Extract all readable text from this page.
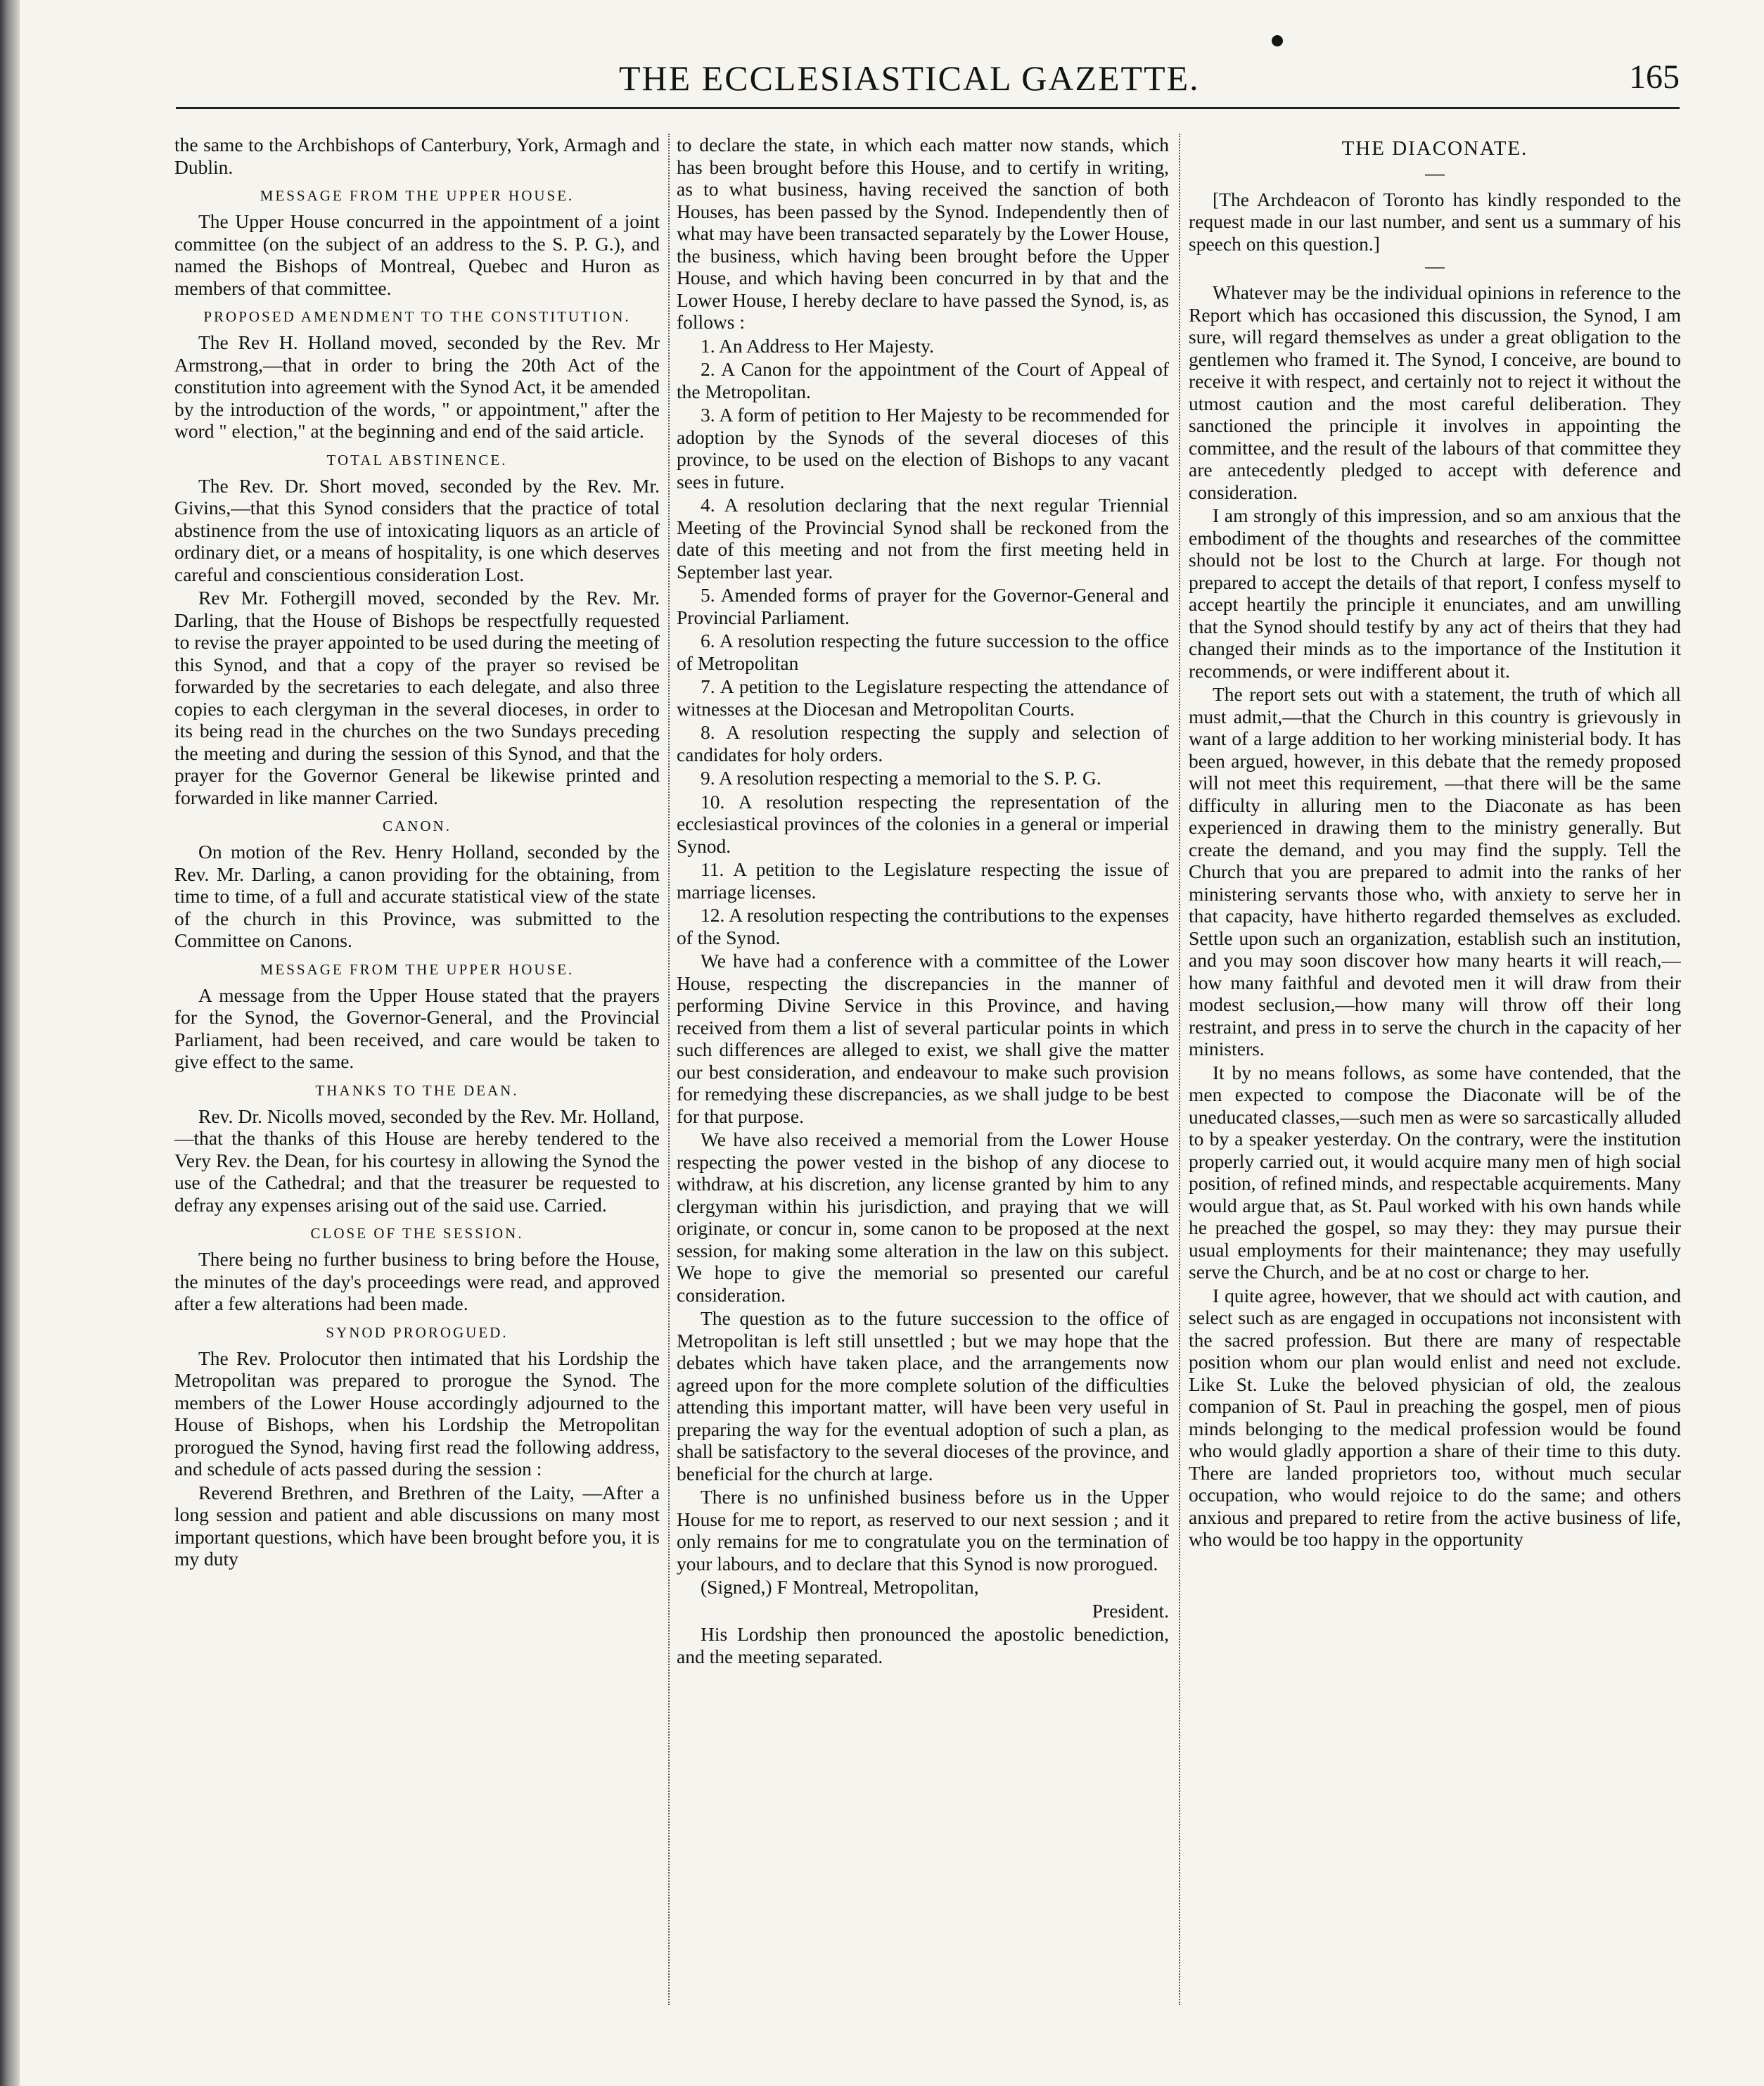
THE ECCLESIASTICAL GAZETTE.	165

the same to the Archbishops of Canterbury, York, Armagh and Dublin.

MESSAGE FROM THE UPPER HOUSE.

The Upper House concurred in the appointment of a joint committee (on the subject of an address to the S. P. G.), and named the Bishops of Montreal, Quebec and Huron as members of that committee.

PROPOSED AMENDMENT TO THE CONSTITUTION.

The Rev H. Holland moved, seconded by the Rev. Mr Armstrong,—that in order to bring the 20th Act of the constitution into agreement with the Synod Act, it be amended by the introduction of the words, " or appointment," after the word " election," at the beginning and end of the said article.

TOTAL ABSTINENCE.

The Rev. Dr. Short moved, seconded by the Rev. Mr. Givins,—that this Synod considers that the practice of total abstinence from the use of intoxicating liquors as an article of ordinary diet, or a means of hospitality, is one which deserves careful and conscientious consideration Lost.

Rev Mr. Fothergill moved, seconded by the Rev. Mr. Darling, that the House of Bishops be respectfully requested to revise the prayer appointed to be used during the meeting of this Synod, and that a copy of the prayer so revised be forwarded by the secretaries to each delegate, and also three copies to each clergyman in the several dioceses, in order to its being read in the churches on the two Sundays preceding the meeting and during the session of this Synod, and that the prayer for the Governor General be likewise printed and forwarded in like manner Carried.

CANON.

On motion of the Rev. Henry Holland, seconded by the Rev. Mr. Darling, a canon providing for the obtaining, from time to time, of a full and accurate statistical view of the state of the church in this Province, was submitted to the Committee on Canons.

MESSAGE FROM THE UPPER HOUSE.

A message from the Upper House stated that the prayers for the Synod, the Governor-General, and the Provincial Parliament, had been received, and care would be taken to give effect to the same.

THANKS TO THE DEAN.

Rev. Dr. Nicolls moved, seconded by the Rev. Mr. Holland,—that the thanks of this House are hereby tendered to the Very Rev. the Dean, for his courtesy in allowing the Synod the use of the Cathedral; and that the treasurer be requested to defray any expenses arising out of the said use. Carried.

CLOSE OF THE SESSION.

There being no further business to bring before the House, the minutes of the day's proceedings were read, and approved after a few alterations had been made.

SYNOD PROROGUED.

The Rev. Prolocutor then intimated that his Lordship the Metropolitan was prepared to prorogue the Synod. The members of the Lower House accordingly adjourned to the House of Bishops, when his Lordship the Metropolitan prorogued the Synod, having first read the following address, and schedule of acts passed during the session :

Reverend Brethren, and Brethren of the Laity, —After a long session and patient and able discussions on many most important questions, which have been brought before you, it is my duty

to declare the state, in which each matter now stands, which has been brought before this House, and to certify in writing, as to what business, having received the sanction of both Houses, has been passed by the Synod. Independently then of what may have been transacted separately by the Lower House, the business, which having been brought before the Upper House, and which having been concurred in by that and the Lower House, I hereby declare to have passed the Synod, is, as follows :

1. An Address to Her Majesty.

2. A Canon for the appointment of the Court of Appeal of the Metropolitan.

3. A form of petition to Her Majesty to be recommended for adoption by the Synods of the several dioceses of this province, to be used on the election of Bishops to any vacant sees in future.

4. A resolution declaring that the next regular Triennial Meeting of the Provincial Synod shall be reckoned from the date of this meeting and not from the first meeting held in September last year.

5. Amended forms of prayer for the Governor-General and Provincial Parliament.

6. A resolution respecting the future succession to the office of Metropolitan

7. A petition to the Legislature respecting the attendance of witnesses at the Diocesan and Metropolitan Courts.

8. A resolution respecting the supply and selection of candidates for holy orders.

9. A resolution respecting a memorial to the S. P. G.

10. A resolution respecting the representation of the ecclesiastical provinces of the colonies in a general or imperial Synod.

11. A petition to the Legislature respecting the issue of marriage licenses.

12. A resolution respecting the contributions to the expenses of the Synod.

We have had a conference with a committee of the Lower House, respecting the discrepancies in the manner of performing Divine Service in this Province, and having received from them a list of several particular points in which such differences are alleged to exist, we shall give the matter our best consideration, and endeavour to make such provision for remedying these discrepancies, as we shall judge to be best for that purpose.

We have also received a memorial from the Lower House respecting the power vested in the bishop of any diocese to withdraw, at his discretion, any license granted by him to any clergyman within his jurisdiction, and praying that we will originate, or concur in, some canon to be proposed at the next session, for making some alteration in the law on this subject. We hope to give the memorial so presented our careful consideration.

The question as to the future succession to the office of Metropolitan is left still unsettled ; but we may hope that the debates which have taken place, and the arrangements now agreed upon for the more complete solution of the difficulties attending this important matter, will have been very useful in preparing the way for the eventual adoption of such a plan, as shall be satisfactory to the several dioceses of the province, and beneficial for the church at large.

There is no unfinished business before us in the Upper House for me to report, as reserved to our next session ; and it only remains for me to congratulate you on the termination of your labours, and to declare that this Synod is now prorogued.

(Signed,) F Montreal, Metropolitan,

President.

His Lordship then pronounced the apostolic benediction, and the meeting separated.

THE DIACONATE.
—

[The Archdeacon of Toronto has kindly responded to the request made in our last number, and sent us a summary of his speech on this question.]

—

Whatever may be the individual opinions in reference to the Report which has occasioned this discussion, the Synod, I am sure, will regard themselves as under a great obligation to the gentlemen who framed it. The Synod, I conceive, are bound to receive it with respect, and certainly not to reject it without the utmost caution and the most careful deliberation. They sanctioned the principle it involves in appointing the committee, and the result of the labours of that committee they are antecedently pledged to accept with deference and consideration.

I am strongly of this impression, and so am anxious that the embodiment of the thoughts and researches of the committee should not be lost to the Church at large. For though not prepared to accept the details of that report, I confess myself to accept heartily the principle it enunciates, and am unwilling that the Synod should testify by any act of theirs that they had changed their minds as to the importance of the Institution it recommends, or were indifferent about it.

The report sets out with a statement, the truth of which all must admit,—that the Church in this country is grievously in want of a large addition to her working ministerial body. It has been argued, however, in this debate that the remedy proposed will not meet this requirement, —that there will be the same difficulty in alluring men to the Diaconate as has been experienced in drawing them to the ministry generally. But create the demand, and you may find the supply. Tell the Church that you are prepared to admit into the ranks of her ministering servants those who, with anxiety to serve her in that capacity, have hitherto regarded themselves as excluded. Settle upon such an organization, establish such an institution, and you may soon discover how many hearts it will reach,—how many faithful and devoted men it will draw from their modest seclusion,—how many will throw off their long restraint, and press in to serve the church in the capacity of her ministers.

It by no means follows, as some have contended, that the men expected to compose the Diaconate will be of the uneducated classes,—such men as were so sarcastically alluded to by a speaker yesterday. On the contrary, were the institution properly carried out, it would acquire many men of high social position, of refined minds, and respectable acquirements. Many would argue that, as St. Paul worked with his own hands while he preached the gospel, so may they: they may pursue their usual employments for their maintenance; they may usefully serve the Church, and be at no cost or charge to her.

I quite agree, however, that we should act with caution, and select such as are engaged in occupations not inconsistent with the sacred profession. But there are many of respectable position whom our plan would enlist and need not exclude. Like St. Luke the beloved physician of old, the zealous companion of St. Paul in preaching the gospel, men of pious minds belonging to the medical profession would be found who would gladly apportion a share of their time to this duty. There are landed proprietors too, without much secular occupation, who would rejoice to do the same; and others anxious and prepared to retire from the active business of life, who would be too happy in the opportunity
